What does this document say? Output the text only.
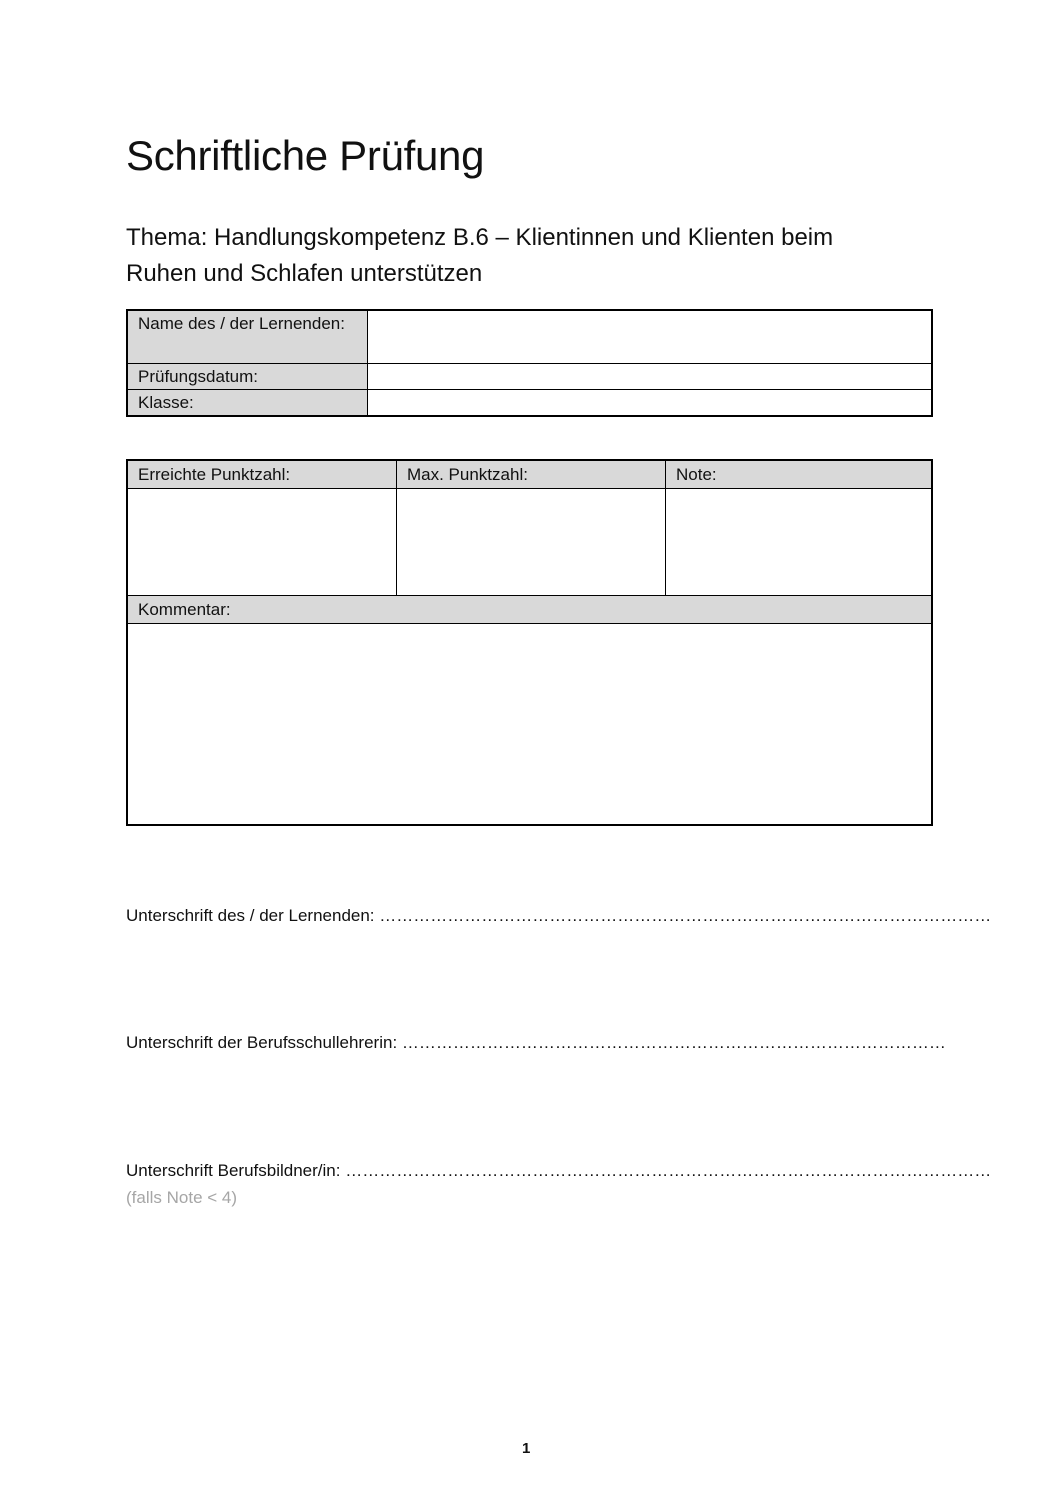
Schriftliche Prüfung
Thema: Handlungskompetenz B.6 – Klientinnen und Klienten beim
Ruhen und Schlafen unterstützen
Name des / der Lernenden:	
Prüfungsdatum:	
Klasse:	
Erreichte Punktzahl:	Max. Punktzahl:	Note:

Kommentar:		

Unterschrift des / der Lernenden: ………………………………………………………………………………………………
Unterschrift der Berufsschullehrerin: ……………………………………………………………………………………
Unterschrift Berufsbildner/in: ……………………………………………………………………………………………………
(falls Note < 4)
1
